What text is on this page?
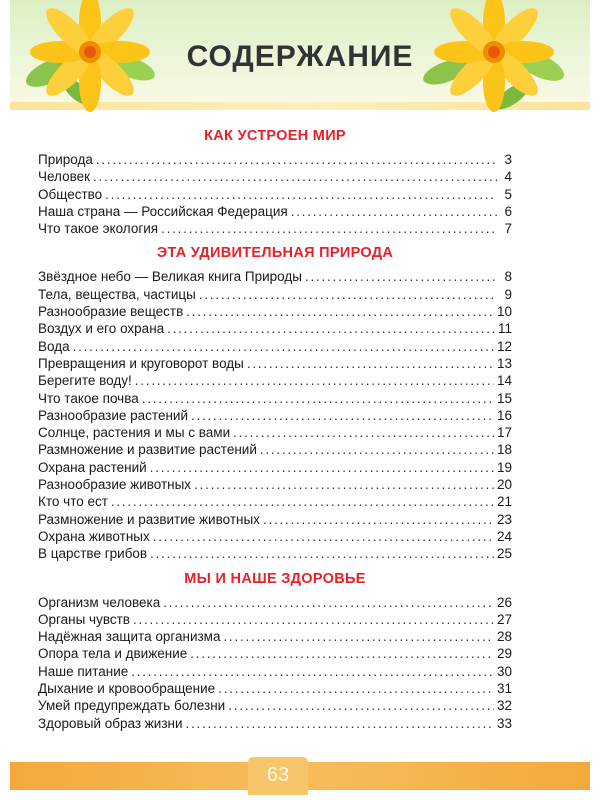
СОДЕРЖАНИЕ
КАК УСТРОЕН МИР
Природа . . .	3
Человек . . .	4
Общество . . .	5
Наша страна — Российская Федерация . . .	6
Что такое экология . . .	7
ЭТА УДИВИТЕЛЬНАЯ ПРИРОДА
Звёздное небо — Великая книга Природы . . .	8
Тела, вещества, частицы . . .	9
Разнообразие веществ . . .	10
Воздух и его охрана . . .	11
Вода . . .	12
Превращения и круговорот воды . . .	13
Берегите воду! . . .	14
Что такое почва . . .	15
Разнообразие растений . . .	16
Солнце, растения и мы с вами . . .	17
Размножение и развитие растений . . .	18
Охрана растений . . .	19
Разнообразие животных . . .	20
Кто что ест . . .	21
Размножение и развитие животных . . .	23
Охрана животных . . .	24
В царстве грибов . . .	25
МЫ И НАШЕ ЗДОРОВЬЕ
Организм человека . . .	26
Органы чувств . . .	27
Надёжная защита организма . . .	28
Опора тела и движение . . .	29
Наше питание . . .	30
Дыхание и кровообращение . . .	31
Умей предупреждать болезни . . .	32
Здоровый образ жизни . . .	33
63
